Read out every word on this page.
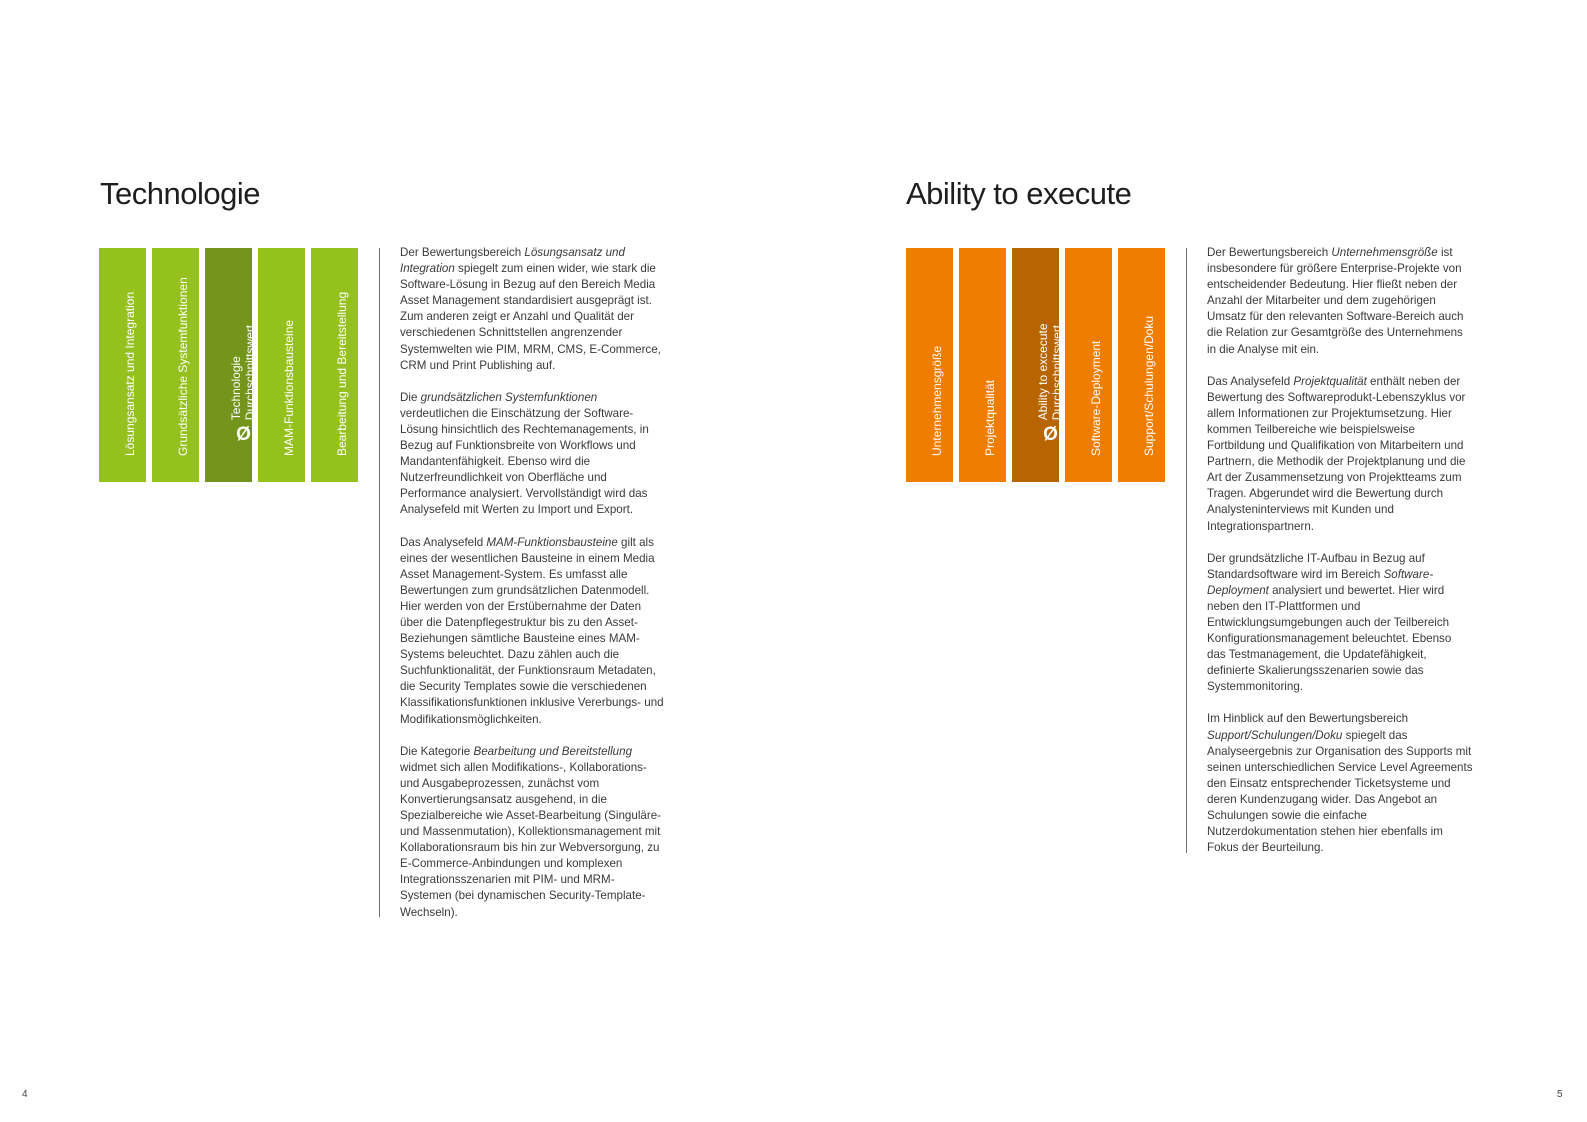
Technologie
Lösungsansatz und Integration	Grundsätzliche Systemfunktionen Ø
Technologie Durchschnittswert MAM-Funktionsbausteine	Bearbeitung und Bereitstellung

Der Bewertungsbereich Lösungsansatz und Integration spiegelt zum einen wider, wie stark die Software-Lösung in Bezug auf den Bereich Media Asset Management standardisiert ausgeprägt ist. Zum anderen zeigt er Anzahl und Qualität der verschiedenen Schnittstellen angrenzender Systemwelten wie PIM, MRM, CMS, E-Commerce, CRM und Print Publishing auf.

Die grundsätzlichen Systemfunktionen verdeutlichen die Einschätzung der Software-Lösung hinsichtlich des Rechtemanagements, in Bezug auf Funktionsbreite von Workflows und Mandantenfähigkeit. Ebenso wird die Nutzerfreundlichkeit von Oberfläche und Performance analysiert. Vervollständigt wird das Analysefeld mit Werten zu Import und Export.

Das Analysefeld MAM-Funktionsbausteine gilt als eines der wesentlichen Bausteine in einem Media Asset Management-System. Es umfasst alle Bewertungen zum grundsätzlichen Datenmodell. Hier werden von der Erstübernahme der Daten über die Datenpflegestruktur bis zu den Asset-Beziehungen sämtliche Bausteine eines MAM-Systems beleuchtet. Dazu zählen auch die Suchfunktionalität, der Funktionsraum Metadaten, die Security Templates sowie die verschiedenen Klassifikationsfunktionen inklusive Vererbungs- und Modifikationsmöglichkeiten.

Die Kategorie Bearbeitung und Bereitstellung widmet sich allen Modifikations-, Kollaborations- und Ausgabeprozessen, zunächst vom Konvertierungsansatz ausgehend, in die Spezialbereiche wie Asset-Bearbeitung (Singuläre- und Massenmutation), Kollektionsmanagement mit Kollaborationsraum bis hin zur Webversorgung, zu E-Commerce-Anbindungen und komplexen Integrationsszenarien mit PIM- und MRM-Systemen (bei dynamischen Security-Template-Wechseln).

4
Ability to execute
Unternehmensgröße	Projektqualität Ø
Ability to excecute Durchschnittswert Software-Deployment	Support/Schulungen/Doku

Der Bewertungsbereich Unternehmensgröße ist insbesondere für größere Enterprise-Projekte von entscheidender Bedeutung. Hier fließt neben der Anzahl der Mitarbeiter und dem zugehörigen Umsatz für den relevanten Software-Bereich auch die Relation zur Gesamtgröße des Unternehmens in die Analyse mit ein.

Das Analysefeld Projektqualität enthält neben der Bewertung des Softwareprodukt-Lebenszyklus vor allem Informationen zur Projektumsetzung. Hier kommen Teilbereiche wie beispielsweise Fortbildung und Qualifikation von Mitarbeitern und Partnern, die Methodik der Projektplanung und die Art der Zusammensetzung von Projektteams zum Tragen. Abgerundet wird die Bewertung durch Analysteninterviews mit Kunden und Integrationspartnern.

Der grundsätzliche IT-Aufbau in Bezug auf Standardsoftware wird im Bereich Software-Deployment analysiert und bewertet. Hier wird neben den IT-Plattformen und Entwicklungsumgebungen auch der Teilbereich Konfigurationsmanagement beleuchtet. Ebenso das Testmanagement, die Updatefähigkeit, definierte Skalierungsszenarien sowie das Systemmonitoring.

Im Hinblick auf den Bewertungsbereich Support/Schulungen/Doku spiegelt das Analyseergebnis zur Organisation des Supports mit seinen unterschiedlichen Service Level Agreements den Einsatz entsprechender Ticketsysteme und deren Kundenzugang wider. Das Angebot an Schulungen sowie die einfache Nutzerdokumentation stehen hier ebenfalls im Fokus der Beurteilung.

5
